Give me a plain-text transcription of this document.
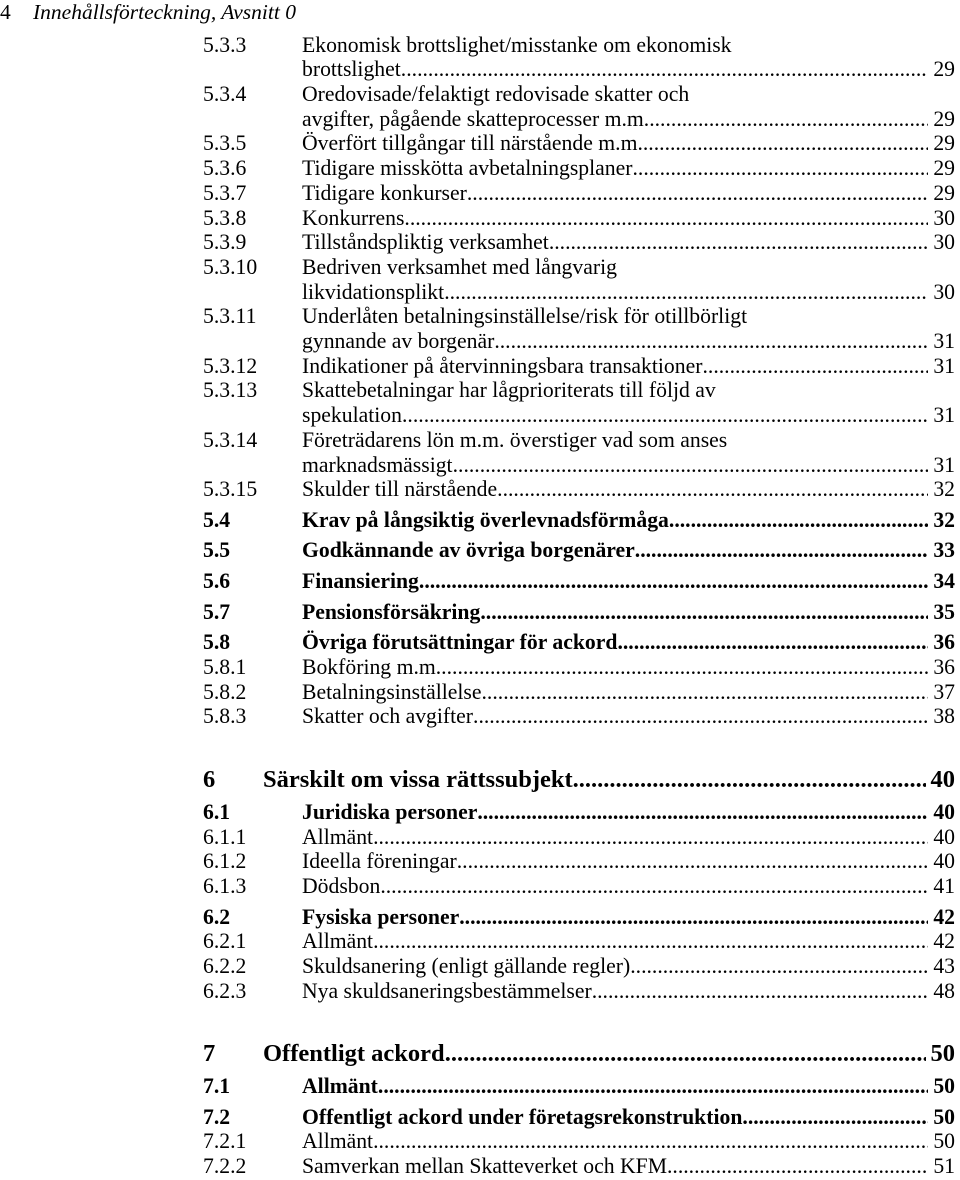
4 Innehållsförteckning, Avsnitt 0
5.3.3	Ekonomisk brottslighet/misstanke om ekonomisk
brottslighet .....	29
5.3.4	Oredovisade/felaktigt redovisade skatter och
avgifter, pågående skatteprocesser m.m. .....	29
5.3.5	Överfört tillgångar till närstående m.m. .....	29
5.3.6	Tidigare misskötta avbetalningsplaner .....	29
5.3.7	Tidigare konkurser .....	29
5.3.8	Konkurrens .....	30
5.3.9	Tillståndspliktig verksamhet .....	30
5.3.10	Bedriven verksamhet med långvarig
likvidationsplikt .....	30
5.3.11	Underlåten betalningsinställelse/risk för otillbörligt
gynnande av borgenär .....	31
5.3.12	Indikationer på återvinningsbara transaktioner .....	31
5.3.13	Skattebetalningar har lågprioriterats till följd av
spekulation .....	31
5.3.14	Företrädarens lön m.m. överstiger vad som anses
marknadsmässigt .....	31
5.3.15	Skulder till närstående .....	32
5.4	Krav på långsiktig överlevnadsförmåga .....	32
5.5	Godkännande av övriga borgenärer .....	33
5.6	Finansiering .....	34
5.7	Pensionsförsäkring .....	35
5.8	Övriga förutsättningar för ackord .....	36
5.8.1	Bokföring m.m. .....	36
5.8.2	Betalningsinställelse .....	37
5.8.3	Skatter och avgifter .....	38
6	Särskilt om vissa rättssubjekt .....	40
6.1	Juridiska personer .....	40
6.1.1	Allmänt .....	40
6.1.2	Ideella föreningar .....	40
6.1.3	Dödsbon .....	41
6.2	Fysiska personer .....	42
6.2.1	Allmänt .....	42
6.2.2	Skuldsanering (enligt gällande regler) .....	43
6.2.3	Nya skuldsaneringsbestämmelser .....	48
7	Offentligt ackord .....	50
7.1	Allmänt .....	50
7.2	Offentligt ackord under företagsrekonstruktion .....	50
7.2.1	Allmänt .....	50
7.2.2	Samverkan mellan Skatteverket och KFM .....	51
